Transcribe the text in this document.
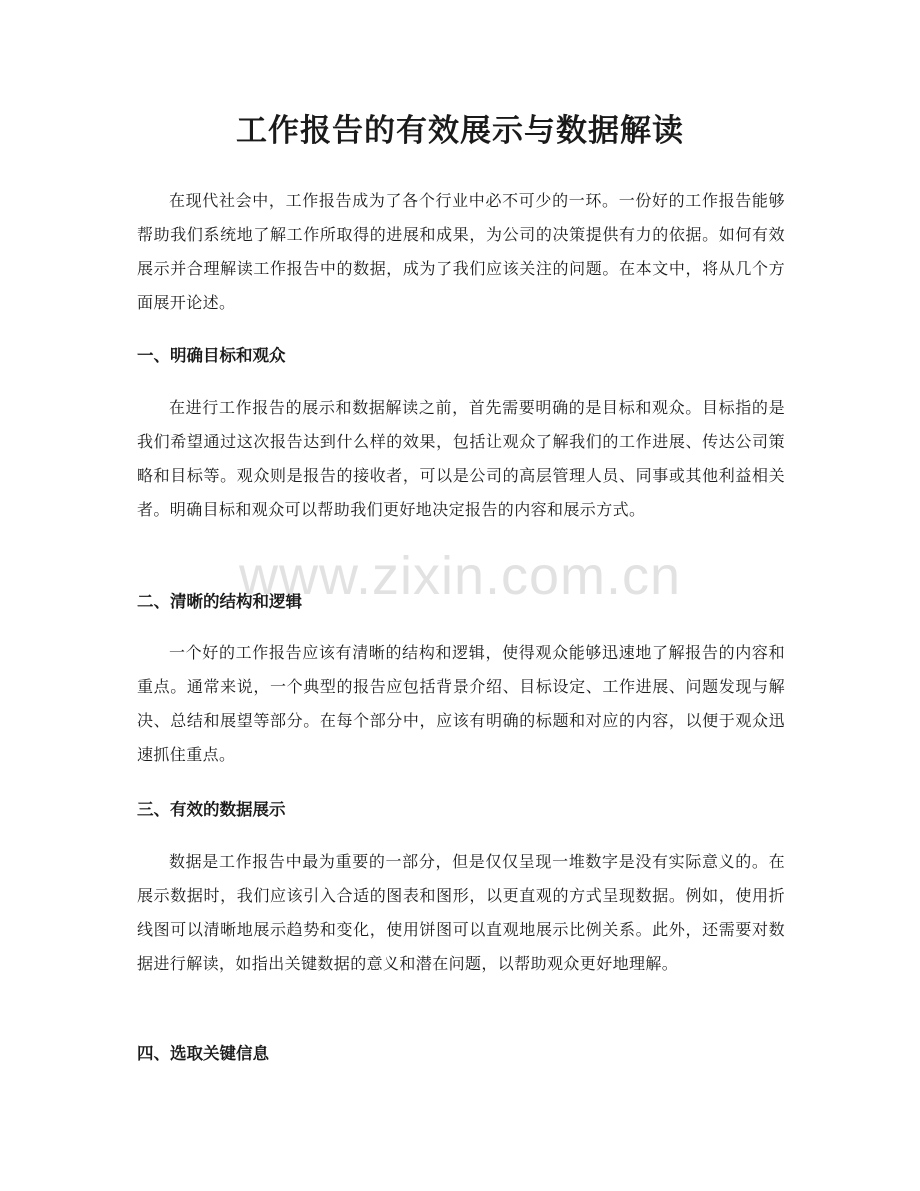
工作报告的有效展示与数据解读

在现代社会中，工作报告成为了各个行业中必不可少的一环。一份好的工作报告能够帮助我们系统地了解工作所取得的进展和成果，为公司的决策提供有力的依据。如何有效展示并合理解读工作报告中的数据，成为了我们应该关注的问题。在本文中，将从几个方面展开论述。

一、明确目标和观众

在进行工作报告的展示和数据解读之前，首先需要明确的是目标和观众。目标指的是我们希望通过这次报告达到什么样的效果，包括让观众了解我们的工作进展、传达公司策略和目标等。观众则是报告的接收者，可以是公司的高层管理人员、同事或其他利益相关者。明确目标和观众可以帮助我们更好地决定报告的内容和展示方式。

二、清晰的结构和逻辑

一个好的工作报告应该有清晰的结构和逻辑，使得观众能够迅速地了解报告的内容和重点。通常来说，一个典型的报告应包括背景介绍、目标设定、工作进展、问题发现与解决、总结和展望等部分。在每个部分中，应该有明确的标题和对应的内容，以便于观众迅速抓住重点。

三、有效的数据展示

数据是工作报告中最为重要的一部分，但是仅仅呈现一堆数字是没有实际意义的。在展示数据时，我们应该引入合适的图表和图形，以更直观的方式呈现数据。例如，使用折线图可以清晰地展示趋势和变化，使用饼图可以直观地展示比例关系。此外，还需要对数据进行解读，如指出关键数据的意义和潜在问题，以帮助观众更好地理解。

四、选取关键信息
www.zixin.com.cn
